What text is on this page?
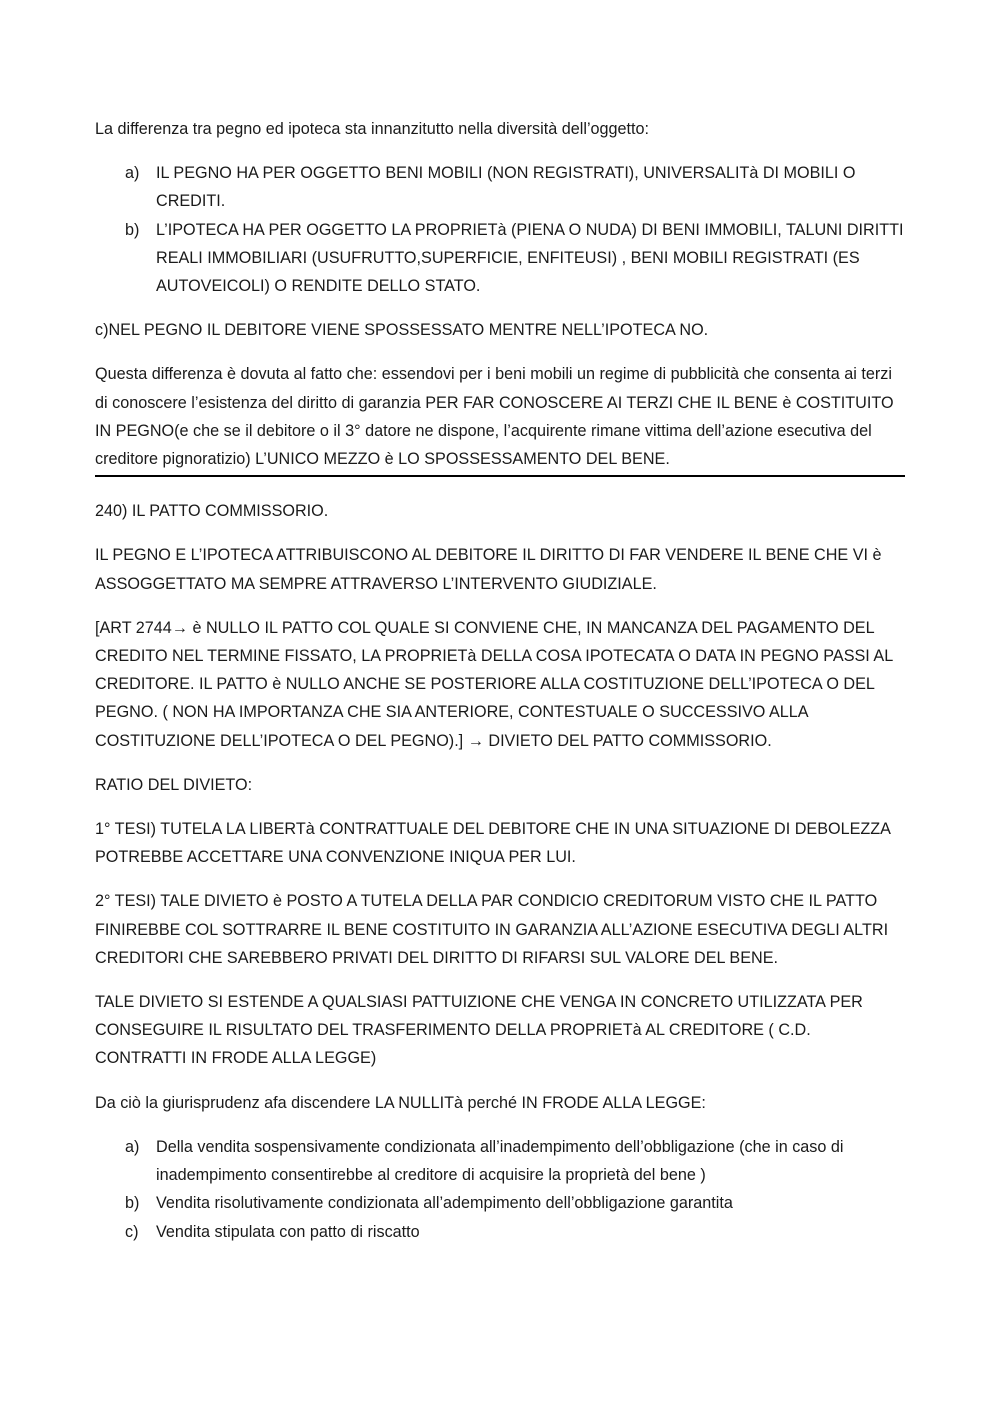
La differenza tra pegno ed ipoteca sta innanzitutto nella diversità dell’oggetto:

a)	IL PEGNO HA PER OGGETTO BENI MOBILI (NON REGISTRATI), UNIVERSALITà DI MOBILI O CREDITI.
b)	L’IPOTECA HA PER OGGETTO LA PROPRIETà (PIENA O NUDA) DI BENI IMMOBILI, TALUNI DIRITTI REALI IMMOBILIARI (USUFRUTTO,SUPERFICIE, ENFITEUSI) , BENI MOBILI REGISTRATI (ES AUTOVEICOLI) O RENDITE DELLO STATO.

c)NEL PEGNO IL DEBITORE VIENE SPOSSESSATO MENTRE NELL’IPOTECA NO.

Questa differenza è dovuta al fatto che: essendovi per i beni mobili un regime di pubblicità che consenta ai terzi di conoscere l’esistenza del diritto di garanzia PER FAR CONOSCERE AI TERZI CHE IL BENE è COSTITUITO IN PEGNO(e che se il debitore o il 3° datore ne dispone, l’acquirente rimane vittima dell’azione esecutiva del creditore pignoratizio) L’UNICO MEZZO è LO SPOSSESSAMENTO DEL BENE.

240) IL PATTO COMMISSORIO.

IL PEGNO E L’IPOTECA ATTRIBUISCONO AL DEBITORE IL DIRITTO DI FAR VENDERE IL BENE CHE VI è ASSOGGETTATO MA SEMPRE ATTRAVERSO L’INTERVENTO GIUDIZIALE.

[ART 2744→ è NULLO IL PATTO COL QUALE SI CONVIENE CHE, IN MANCANZA DEL PAGAMENTO DEL CREDITO NEL TERMINE FISSATO, LA PROPRIETà DELLA COSA IPOTECATA O DATA IN PEGNO PASSI AL CREDITORE. IL PATTO è NULLO ANCHE SE POSTERIORE ALLA COSTITUZIONE DELL’IPOTECA O DEL PEGNO. ( NON HA IMPORTANZA CHE SIA ANTERIORE, CONTESTUALE O SUCCESSIVO ALLA COSTITUZIONE DELL’IPOTECA O DEL PEGNO).] → DIVIETO DEL PATTO COMMISSORIO.

RATIO DEL DIVIETO:

1° TESI) TUTELA LA LIBERTà CONTRATTUALE DEL DEBITORE CHE IN UNA SITUAZIONE DI DEBOLEZZA POTREBBE ACCETTARE UNA CONVENZIONE INIQUA PER LUI.

2° TESI) TALE DIVIETO è POSTO A TUTELA DELLA PAR CONDICIO CREDITORUM VISTO CHE IL PATTO FINIREBBE COL SOTTRARRE IL BENE COSTITUITO IN GARANZIA ALL’AZIONE ESECUTIVA DEGLI ALTRI CREDITORI CHE SAREBBERO PRIVATI DEL DIRITTO DI RIFARSI SUL VALORE DEL BENE.

TALE DIVIETO SI ESTENDE A QUALSIASI PATTUIZIONE CHE VENGA IN CONCRETO UTILIZZATA PER CONSEGUIRE IL RISULTATO DEL TRASFERIMENTO DELLA PROPRIETà AL CREDITORE ( C.D. CONTRATTI IN FRODE ALLA LEGGE)

Da ciò la giurisprudenz afa discendere LA NULLITà perché IN FRODE ALLA LEGGE:

a)	Della vendita sospensivamente condizionata all’inadempimento dell’obbligazione (che in caso di inadempimento consentirebbe al creditore di acquisire la proprietà del bene )
b)	Vendita risolutivamente condizionata all’adempimento dell’obbligazione garantita
c)	Vendita stipulata con patto di riscatto
